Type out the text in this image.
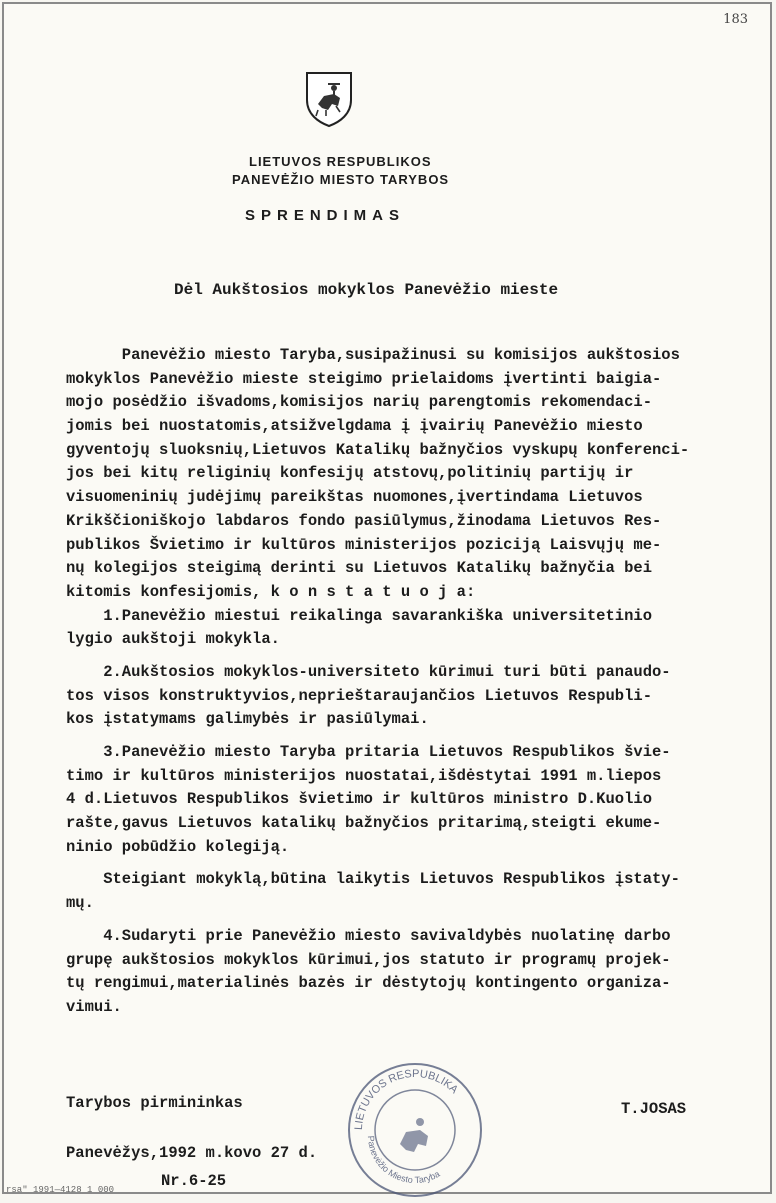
183
LIETUVOS RESPUBLIKOS
PANEVĖŽIO MIESTO TARYBOS
SPRENDIMAS
Dėl Aukštosios mokyklos Panevėžio mieste
Panevėžio miesto Taryba,susipažinusi su komisijos aukštosios
mokyklos Panevėžio mieste steigimo prielaidoms įvertinti baigia-
mojo posėdžio išvadoms,komisijos narių parengtomis rekomendaci-
jomis bei nuostatomis,atsižvelgdama į įvairių Panevėžio miesto
gyventojų sluoksnių,Lietuvos Katalikų bažnyčios vyskupų konferenci-
jos bei kitų religinių konfesijų atstovų,politinių partijų ir
visuomeninių judėjimų pareikštas nuomones,įvertindama Lietuvos
Krikščioniškojo labdaros fondo pasiūlymus,žinodama Lietuvos Res-
publikos Švietimo ir kultūros ministerijos poziciją Laisvųjų me-
nų kolegijos steigimą derinti su Lietuvos Katalikų bažnyčia bei
kitomis konfesijomis, k o n s t a t u o j a:
1.Panevėžio miestui reikalinga savarankiška universitetinio
lygio aukštoji mokykla.
2.Aukštosios mokyklos-universiteto kūrimui turi būti panaudo-
tos visos konstruktyvios,neprieštaraujančios Lietuvos Respubli-
kos įstatymams galimybės ir pasiūlymai.
3.Panevėžio miesto Taryba pritaria Lietuvos Respublikos švie-
timo ir kultūros ministerijos nuostatai,išdėstytai 1991 m.liepos
4 d.Lietuvos Respublikos švietimo ir kultūros ministro D.Kuolio
rašte,gavus Lietuvos katalikų bažnyčios pritarimą,steigti ekume-
ninio pobūdžio kolegiją.
Steigiant mokyklą,būtina laikytis Lietuvos Respublikos įstaty-
mų.
4.Sudaryti prie Panevėžio miesto savivaldybės nuolatinę darbo
grupę aukštosios mokyklos kūrimui,jos statuto ir programų projek-
tų rengimui,materialinės bazės ir dėstytojų kontingento organiza-
vimui.
LIETUVOS RESPUBLIKA
Panevėžio Miesto Taryba
Tarybos pirmininkas	T.JOSAS
Panevėžys,1992 m.kovo 27 d.
Nr.6-25
rsa" 1991—4128 1 000
